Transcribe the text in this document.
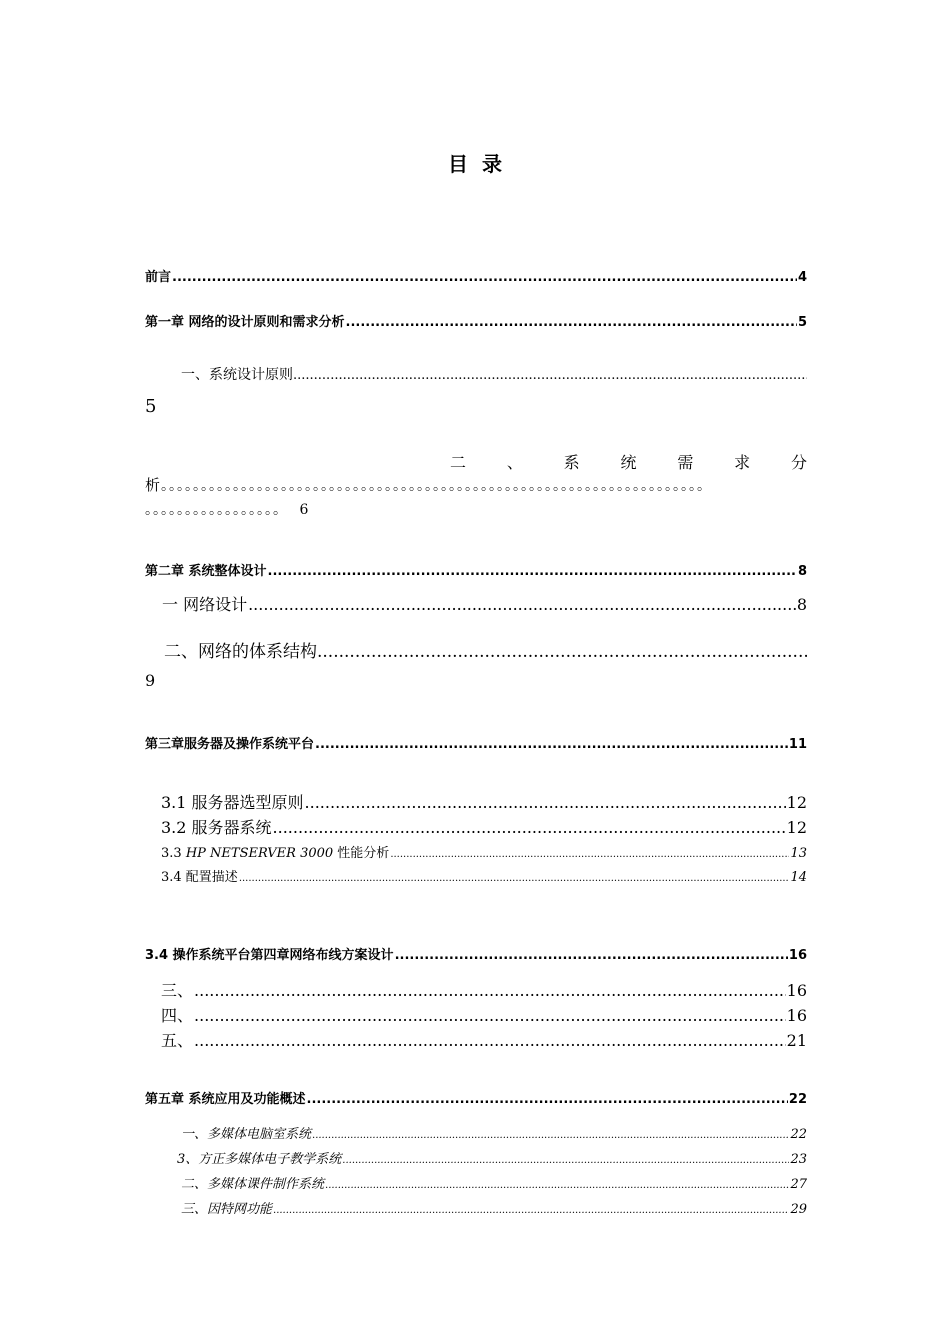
目录
前言 .....	4
第一章 网络的设计原则和需求分析 .....	5
一、系统设计原则
.....
5
二	、	系	统	需	求	分
析。。。。。。。。。。。。。。。。。。。。。。。。。。。。。。。。。。。。。。。。。。。。。。。。。。。。。。。。。。。。。。。。。。。。
。。。。。。。。。。。。。。。。。 6
第二章 系统整体设计 .....	8
一 网络设计 .....	8
二、网络的体系结构
.....
9
第三章服务器及操作系统平台 .....	11
3.1 服务器选型原则 .....	12
3.2 服务器系统 .....	12
3.3 HP NETSERVER 3000 性能分析 .....	13
3.4 配置描述 .....	14
3.4 操作系统平台第四章网络布线方案设计 .....	16
三、 .....	16
四、 .....	16
五、 .....	21
第五章 系统应用及功能概述 .....	22
一、多媒体电脑室系统 .....	22
3、方正多媒体电子教学系统 .....	23
二、多媒体课件制作系统 .....	27
三、因特网功能 .....	29
